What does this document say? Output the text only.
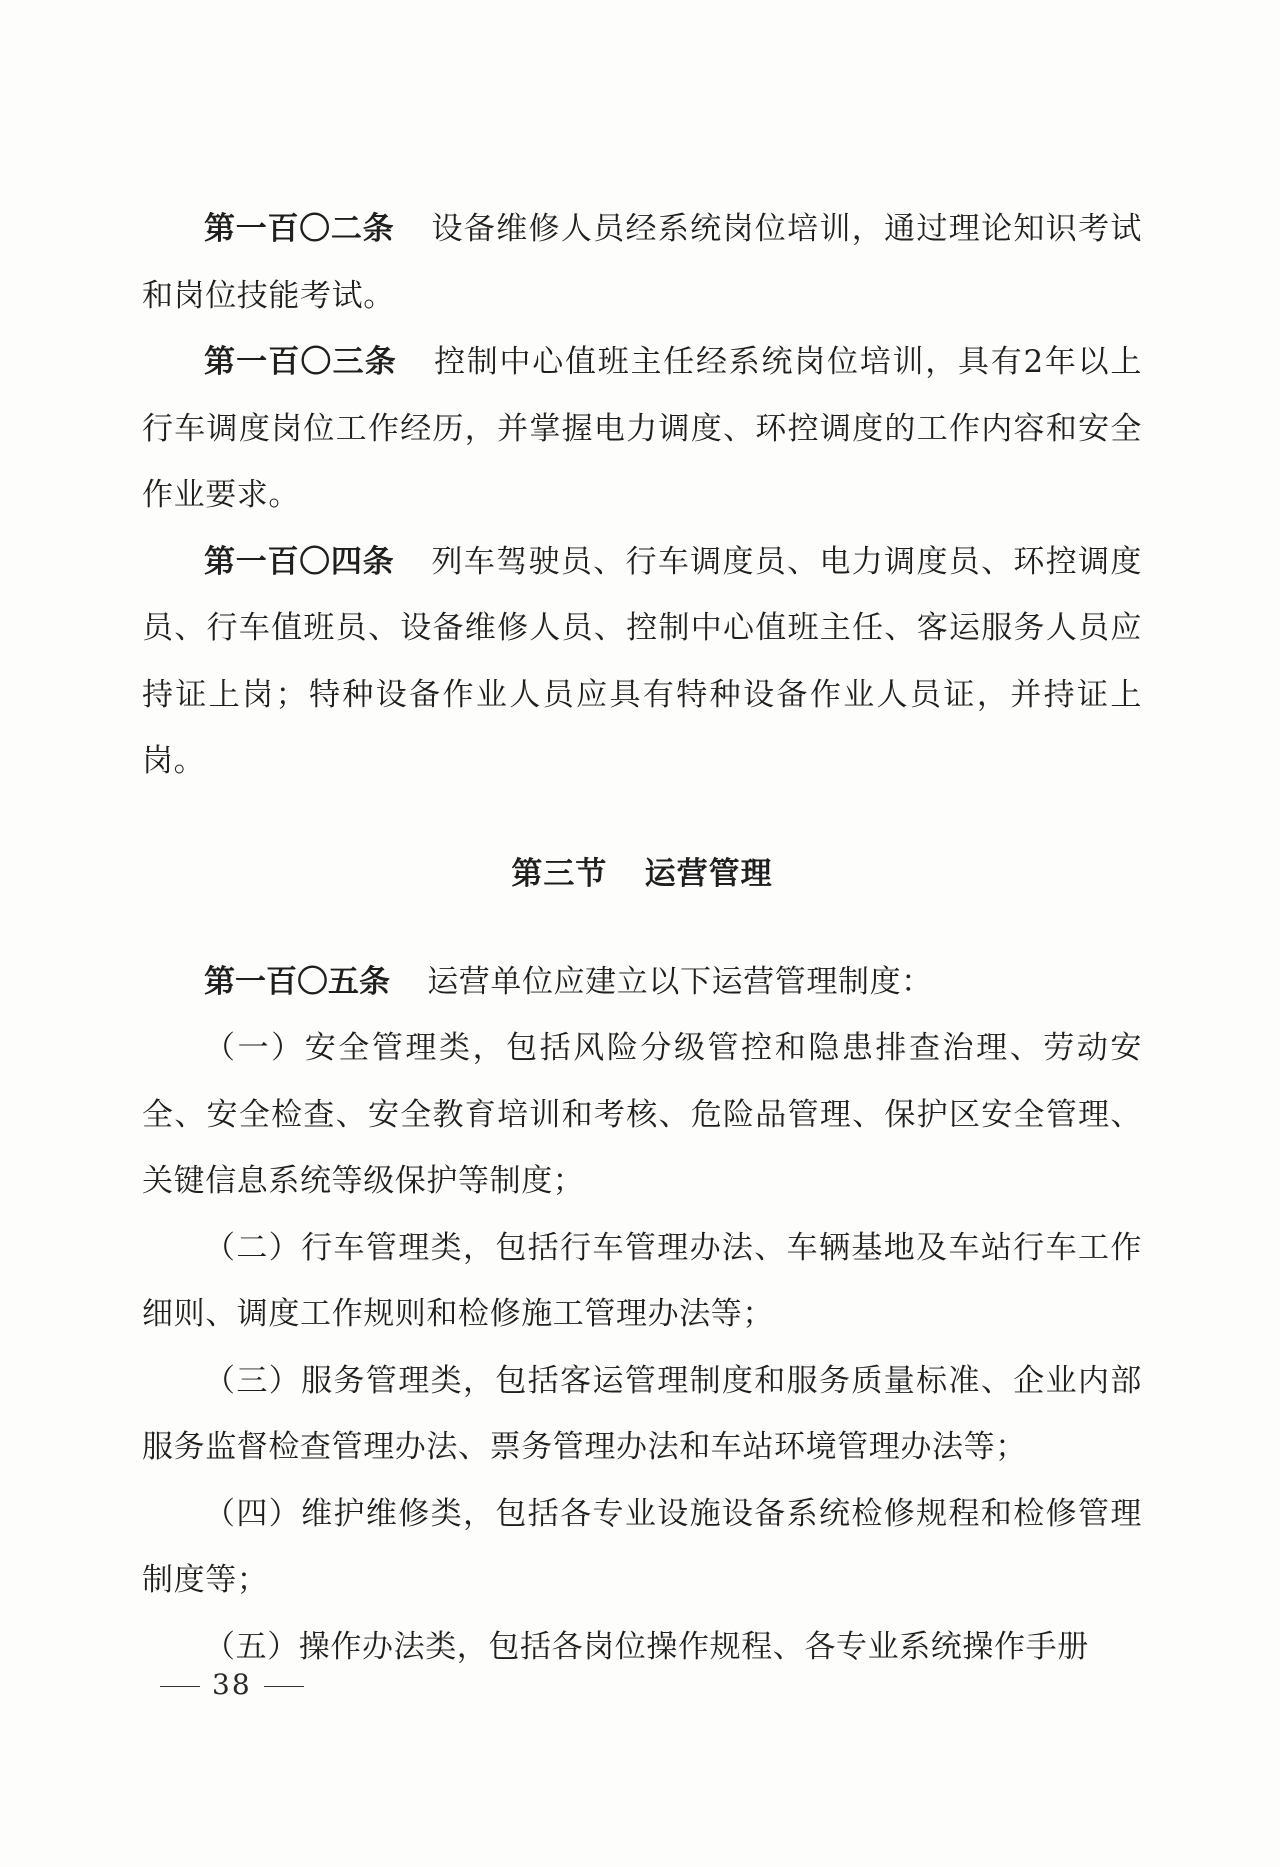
第一百〇二条 设备维修人员经系统岗位培训，通过理论知识考试和岗位技能考试。

第一百〇三条 控制中心值班主任经系统岗位培训，具有2年以上行车调度岗位工作经历，并掌握电力调度、环控调度的工作内容和安全作业要求。

第一百〇四条 列车驾驶员、行车调度员、电力调度员、环控调度员、行车值班员、设备维修人员、控制中心值班主任、客运服务人员应持证上岗；特种设备作业人员应具有特种设备作业人员证，并持证上岗。

第三节 运营管理

第一百〇五条 运营单位应建立以下运营管理制度：

（一）安全管理类，包括风险分级管控和隐患排查治理、劳动安全、安全检查、安全教育培训和考核、危险品管理、保护区安全管理、关键信息系统等级保护等制度；

（二）行车管理类，包括行车管理办法、车辆基地及车站行车工作细则、调度工作规则和检修施工管理办法等；

（三）服务管理类，包括客运管理制度和服务质量标准、企业内部服务监督检查管理办法、票务管理办法和车站环境管理办法等；

（四）维护维修类，包括各专业设施设备系统检修规程和检修管理制度等；

（五）操作办法类，包括各岗位操作规程、各专业系统操作手册

38
